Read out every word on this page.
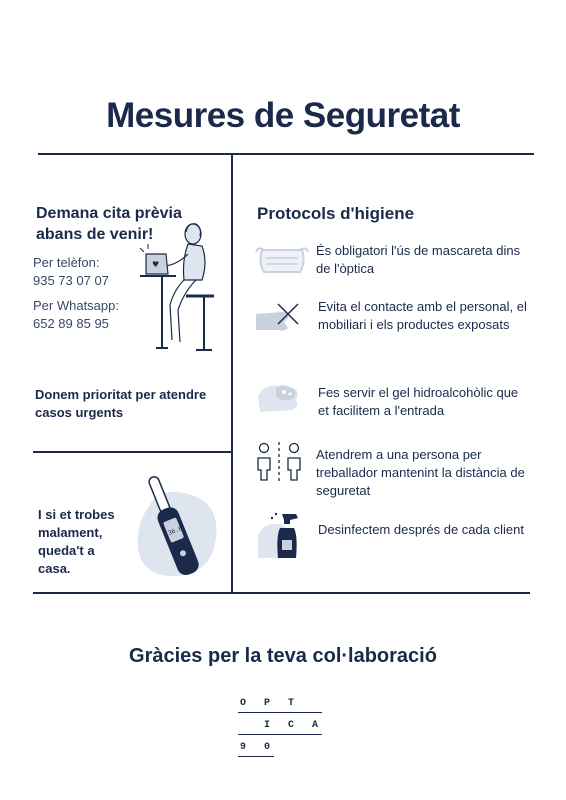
Mesures de Seguretat
Demana cita prèvia abans de venir!
Per telèfon:
935 73 07 07
Per Whatsapp:
652 89 85 95
♥
Donem prioritat per atendre casos urgents
I si et trobes malament, queda't a casa.
36.6
Protocols d'higiene
És obligatori l'ús de mascareta dins de l'òptica
Evita el contacte amb el personal, el mobiliari i els productes exposats
Fes servir el gel hidroalcohòlic que et facilitem a l'entrada
Atendrem a una persona per treballador mantenint la distància de seguretat
Desinfectem després de cada client
Gràcies per la teva col·laboració
O P T
I C A
9 0
